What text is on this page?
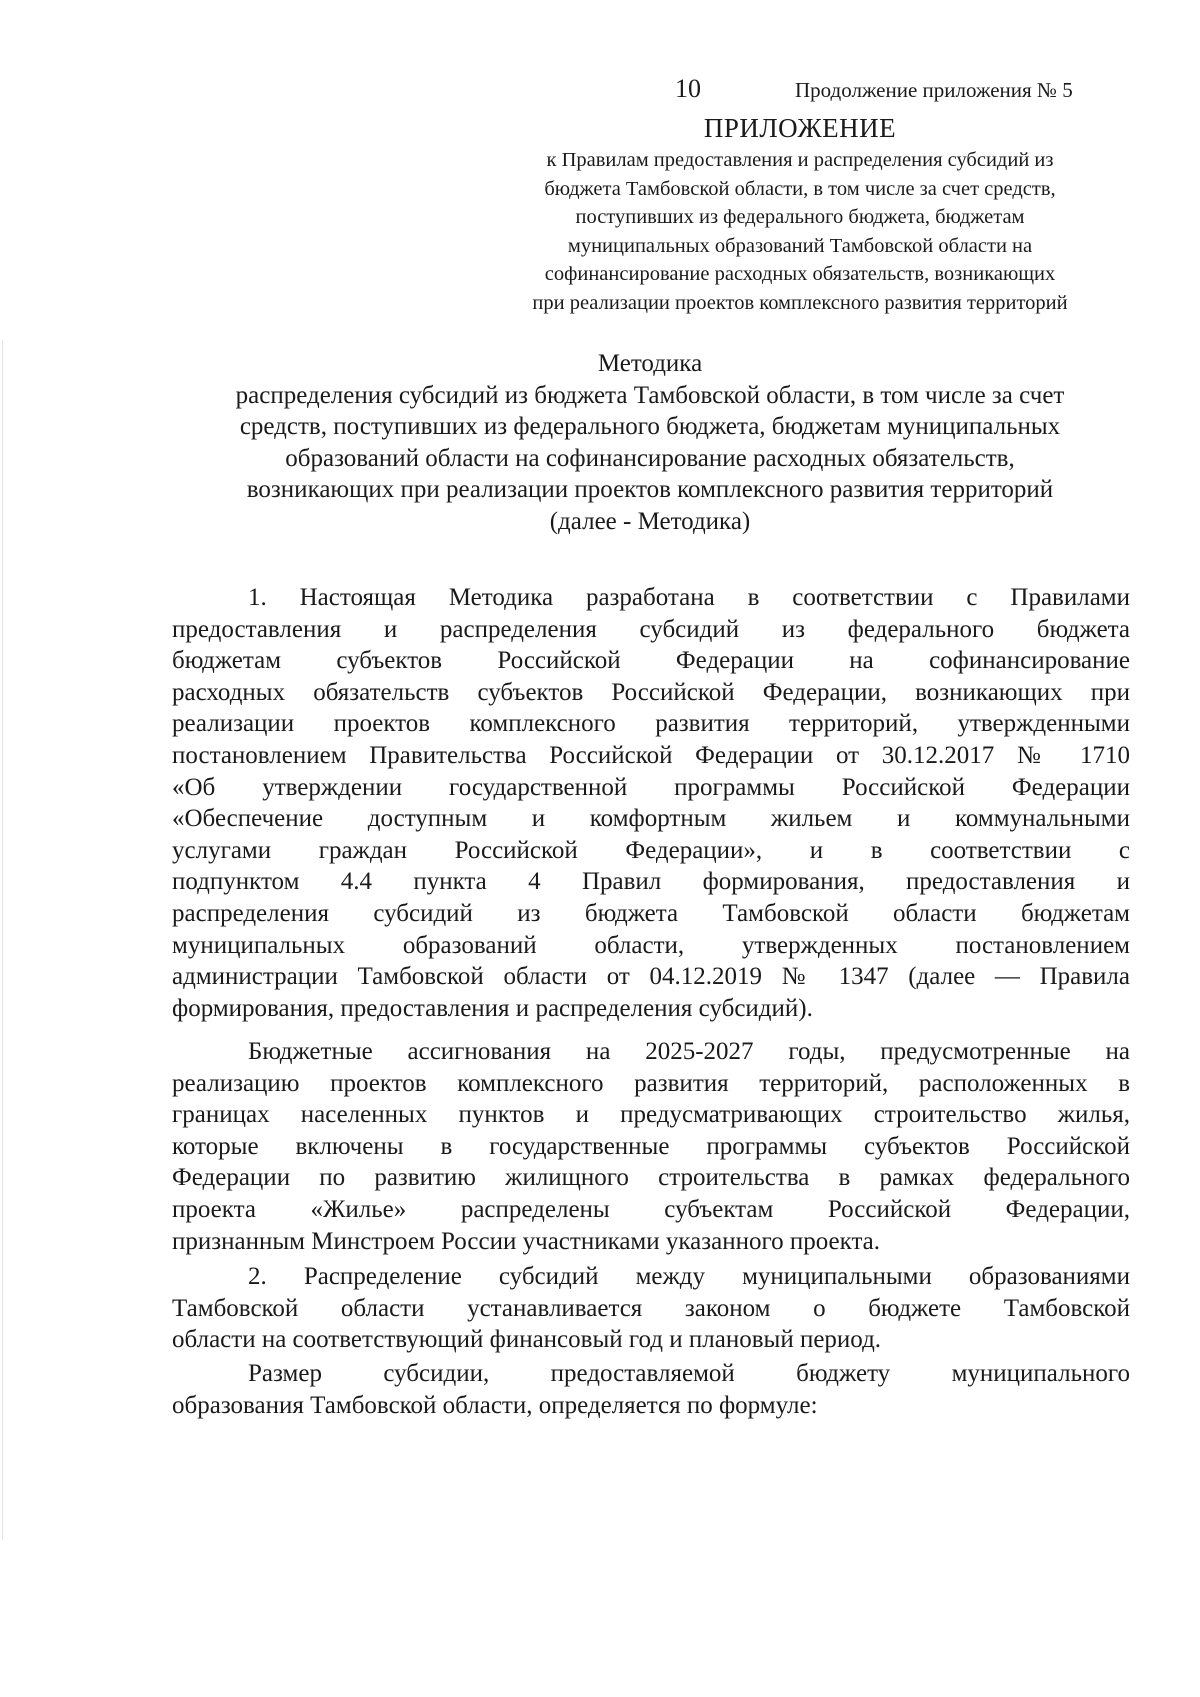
10	Продолжение приложения № 5
ПРИЛОЖЕНИЕ
к Правилам предоставления и распределения субсидий из
бюджета Тамбовской области, в том числе за счет средств,
поступивших из федерального бюджета, бюджетам
муниципальных образований Тамбовской области на
софинансирование расходных обязательств, возникающих
при реализации проектов комплексного развития территорий
Методика
распределения субсидий из бюджета Тамбовской области, в том числе за счет
средств, поступивших из федерального бюджета, бюджетам муниципальных
образований области на софинансирование расходных обязательств,
возникающих при реализации проектов комплексного развития территорий
(далее - Методика)
1. Настоящая Методика разработана в соответствии с Правилами
предоставления и распределения субсидий из федерального бюджета
бюджетам субъектов Российской Федерации на софинансирование
расходных обязательств субъектов Российской Федерации, возникающих при
реализации проектов комплексного развития территорий, утвержденными
постановлением Правительства Российской Федерации от 30.12.2017 № 1710
«Об утверждении государственной программы Российской Федерации
«Обеспечение доступным и комфортным жильем и коммунальными
услугами граждан Российской Федерации», и в соответствии с
подпунктом 4.4 пункта 4 Правил формирования, предоставления и
распределения субсидий из бюджета Тамбовской области бюджетам
муниципальных образований области, утвержденных постановлением
администрации Тамбовской области от 04.12.2019 № 1347 (далее — Правила
формирования, предоставления и распределения субсидий).
Бюджетные ассигнования на 2025-2027 годы, предусмотренные на
реализацию проектов комплексного развития территорий, расположенных в
границах населенных пунктов и предусматривающих строительство жилья,
которые включены в государственные программы субъектов Российской
Федерации по развитию жилищного строительства в рамках федерального
проекта «Жилье» распределены субъектам Российской Федерации,
признанным Минстроем России участниками указанного проекта.
2. Распределение субсидий между муниципальными образованиями
Тамбовской области устанавливается законом о бюджете Тамбовской
области на соответствующий финансовый год и плановый период.
Размер субсидии, предоставляемой бюджету муниципального
образования Тамбовской области, определяется по формуле:
